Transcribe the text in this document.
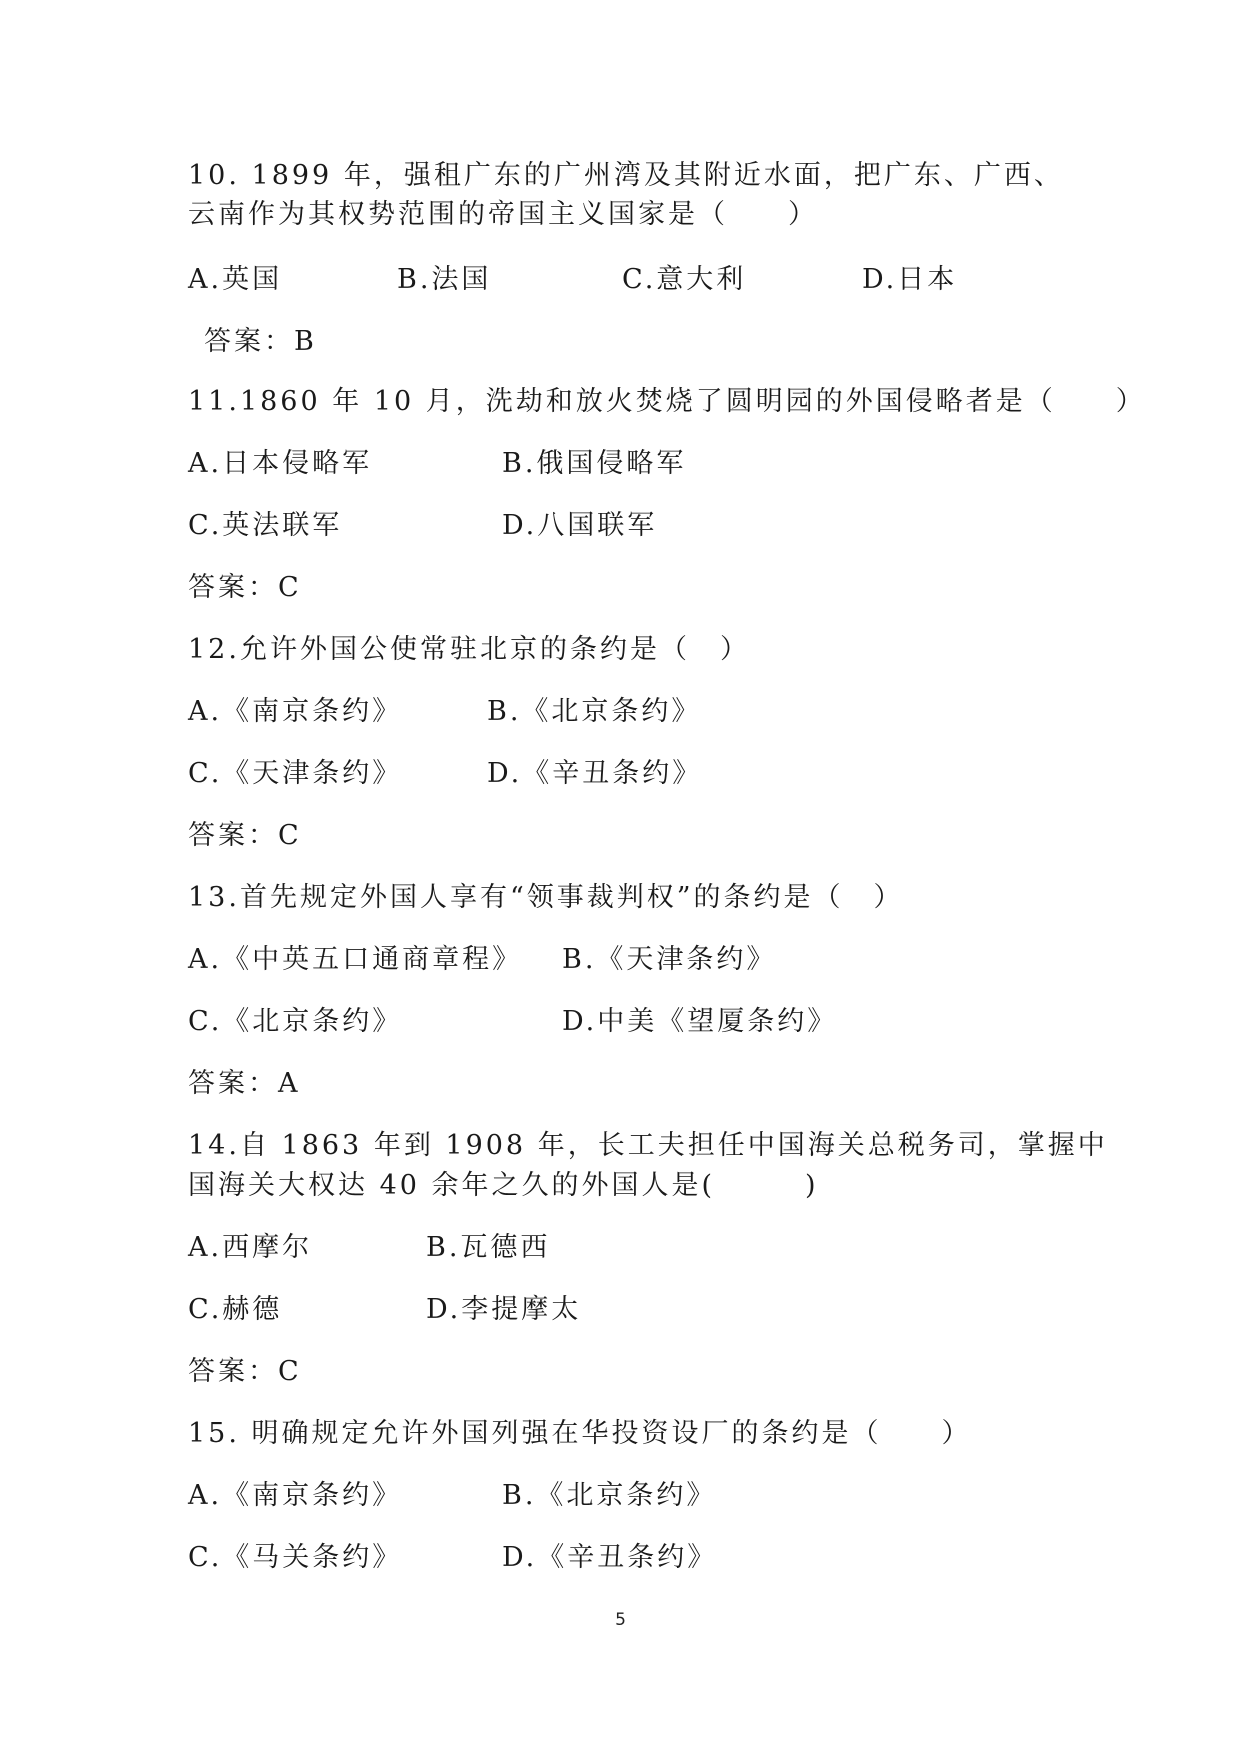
10. 1899 年，强租广东的广州湾及其附近水面，把广东、广西、
云南作为其权势范围的帝国主义国家是（　　）
A.英国	B.法国	C.意大利	D.日本
答案：B
11.1860 年 10 月，洗劫和放火焚烧了圆明园的外国侵略者是（　　）
A.日本侵略军	B.俄国侵略军
C.英法联军	D.八国联军
答案：C
12.允许外国公使常驻北京的条约是（　）
A.《南京条约》	B.《北京条约》
C.《天津条约》	D.《辛丑条约》
答案：C
13.首先规定外国人享有“领事裁判权”的条约是（　）
A.《中英五口通商章程》 B.《天津条约》
C.《北京条约》	D.中美《望厦条约》
答案：A
14.自 1863 年到 1908 年，长工夫担任中国海关总税务司，掌握中
国海关大权达 40 余年之久的外国人是(　　　)
A.西摩尔	B.瓦德西
C.赫德	D.李提摩太
答案：C
15. 明确规定允许外国列强在华投资设厂的条约是（　　）
A.《南京条约》	B.《北京条约》
C.《马关条约》	D.《辛丑条约》
5
